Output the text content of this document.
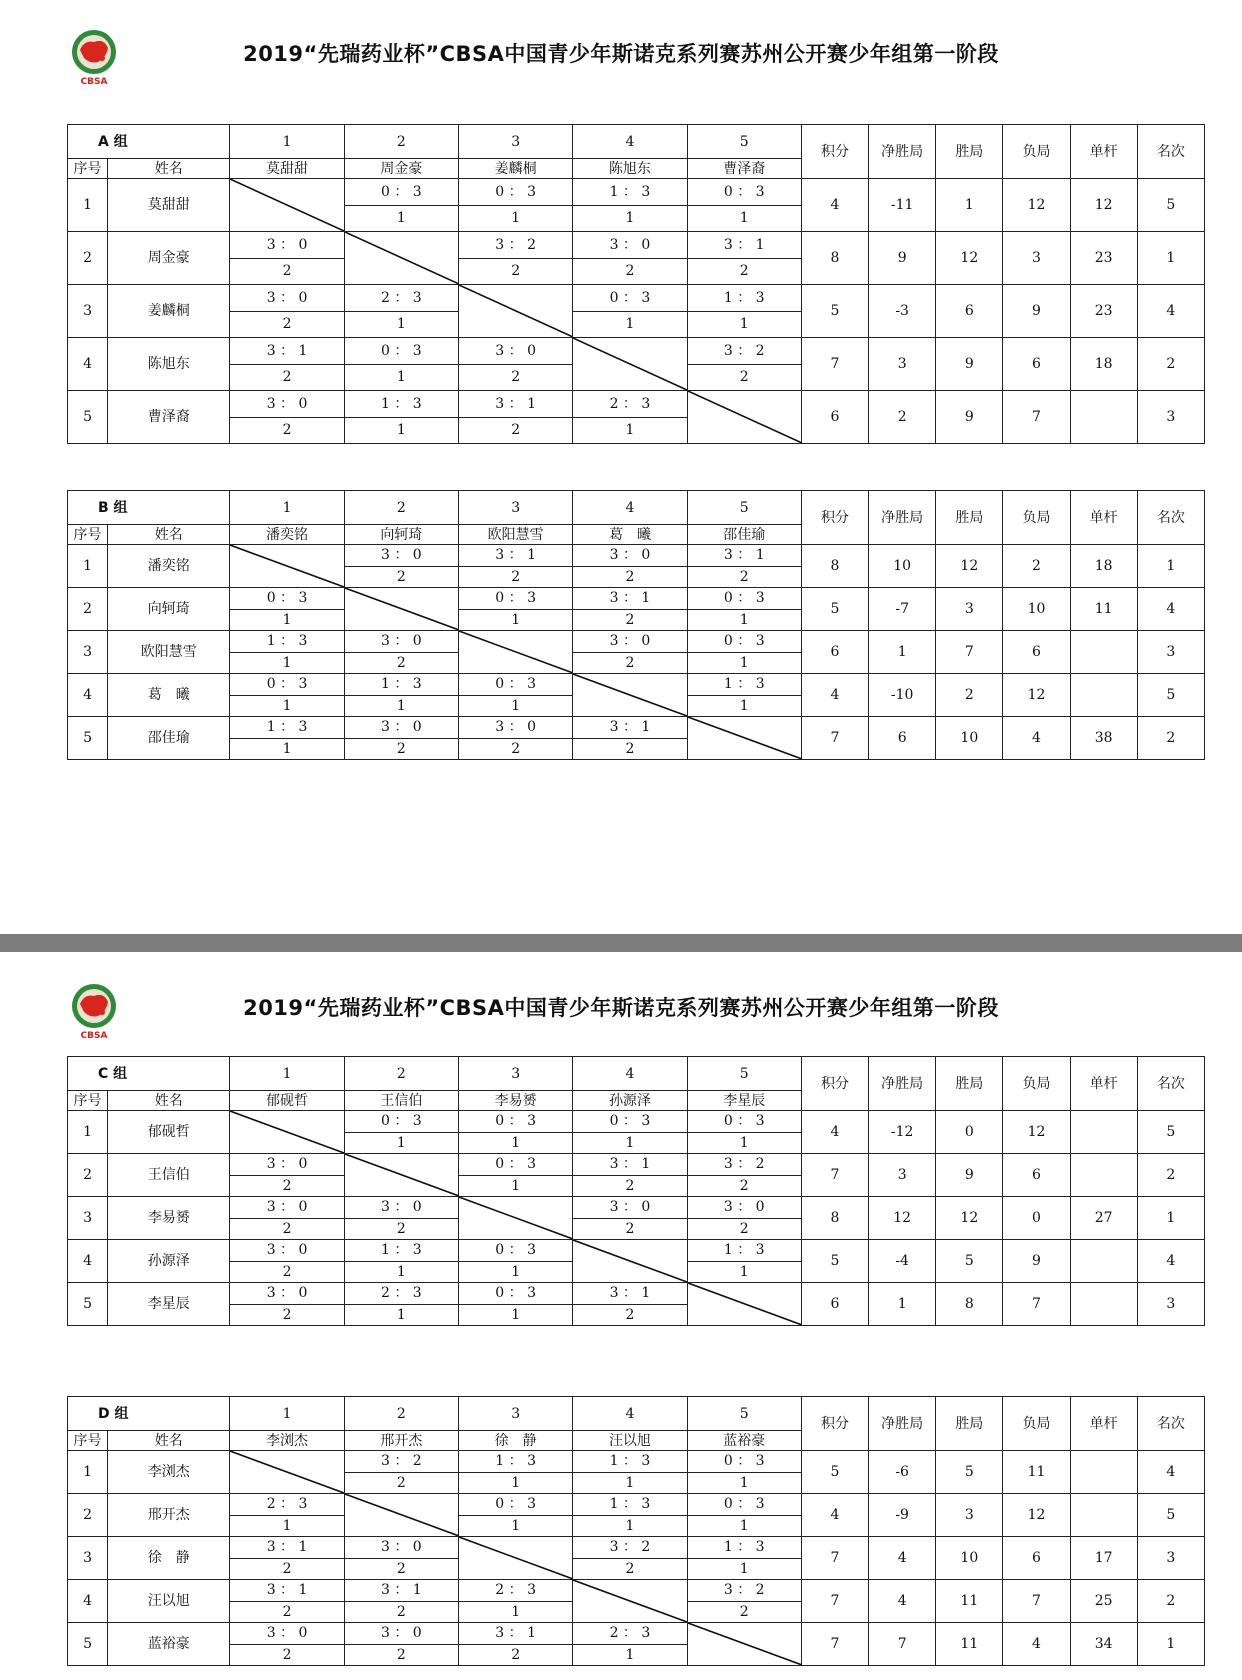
2019“先瑞药业杯”CBSA中国青少年斯诺克系列赛苏州公开赛少年组第一阶段
CBSA
2019“先瑞药业杯”CBSA中国青少年斯诺克系列赛苏州公开赛少年组第一阶段
CBSA
A 组		1	2	3	4	5	积分	净胜局	胜局	负局	单杆	名次
序号	姓名	莫甜甜	周金豪	姜麟桐	陈旭东	曹泽裔						
1	莫甜甜		0 ： 3	0 ： 3	1 ： 3	0 ： 3	4	-11	1	12	12	5
			1	1	1	1						
2	周金豪	3 ： 0		3 ： 2	3 ： 0	3 ： 1	8	9	12	3	23	1
		2		2	2	2						
3	姜麟桐	3 ： 0	2 ： 3		0 ： 3	1 ： 3	5	-3	6	9	23	4
		2	1		1	1						
4	陈旭东	3 ： 1	0 ： 3	3 ： 0		3 ： 2	7	3	9	6	18	2
		2	1	2		2						
5	曹泽裔	3 ： 0	1 ： 3	3 ： 1	2 ： 3		6	2	9	7		3
		2	1	2	1							
B 组		1	2	3	4	5	积分	净胜局	胜局	负局	单杆	名次
序号	姓名	潘奕铭	向轲琦	欧阳慧雪	葛　曦	邵佳瑜						
1	潘奕铭		3 ： 0	3 ： 1	3 ： 0	3 ： 1	8	10	12	2	18	1
			2	2	2	2						
2	向轲琦	0 ： 3		0 ： 3	3 ： 1	0 ： 3	5	-7	3	10	11	4
		1		1	2	1						
3	欧阳慧雪	1 ： 3	3 ： 0		3 ： 0	0 ： 3	6	1	7	6		3
		1	2		2	1						
4	葛　曦	0 ： 3	1 ： 3	0 ： 3		1 ： 3	4	-10	2	12		5
		1	1	1		1						
5	邵佳瑜	1 ： 3	3 ： 0	3 ： 0	3 ： 1		7	6	10	4	38	2
		1	2	2	2							
C 组		1	2	3	4	5	积分	净胜局	胜局	负局	单杆	名次
序号	姓名	郁砚哲	王信伯	李易赟	孙源泽	李星辰						
1	郁砚哲		0 ： 3	0 ： 3	0 ： 3	0 ： 3	4	-12	0	12		5
			1	1	1	1						
2	王信伯	3 ： 0		0 ： 3	3 ： 1	3 ： 2	7	3	9	6		2
		2		1	2	2						
3	李易赟	3 ： 0	3 ： 0		3 ： 0	3 ： 0	8	12	12	0	27	1
		2	2		2	2						
4	孙源泽	3 ： 0	1 ： 3	0 ： 3		1 ： 3	5	-4	5	9		4
		2	1	1		1						
5	李星辰	3 ： 0	2 ： 3	0 ： 3	3 ： 1		6	1	8	7		3
		2	1	1	2							
D 组		1	2	3	4	5	积分	净胜局	胜局	负局	单杆	名次
序号	姓名	李浏杰	邢开杰	徐　静	汪以旭	蓝裕豪						
1	李浏杰		3 ： 2	1 ： 3	1 ： 3	0 ： 3	5	-6	5	11		4
			2	1	1	1						
2	邢开杰	2 ： 3		0 ： 3	1 ： 3	0 ： 3	4	-9	3	12		5
		1		1	1	1						
3	徐　静	3 ： 1	3 ： 0		3 ： 2	1 ： 3	7	4	10	6	17	3
		2	2		2	1						
4	汪以旭	3 ： 1	3 ： 1	2 ： 3		3 ： 2	7	4	11	7	25	2
		2	2	1		2						
5	蓝裕豪	3 ： 0	3 ： 0	3 ： 1	2 ： 3		7	7	11	4	34	1
		2	2	2	1							
